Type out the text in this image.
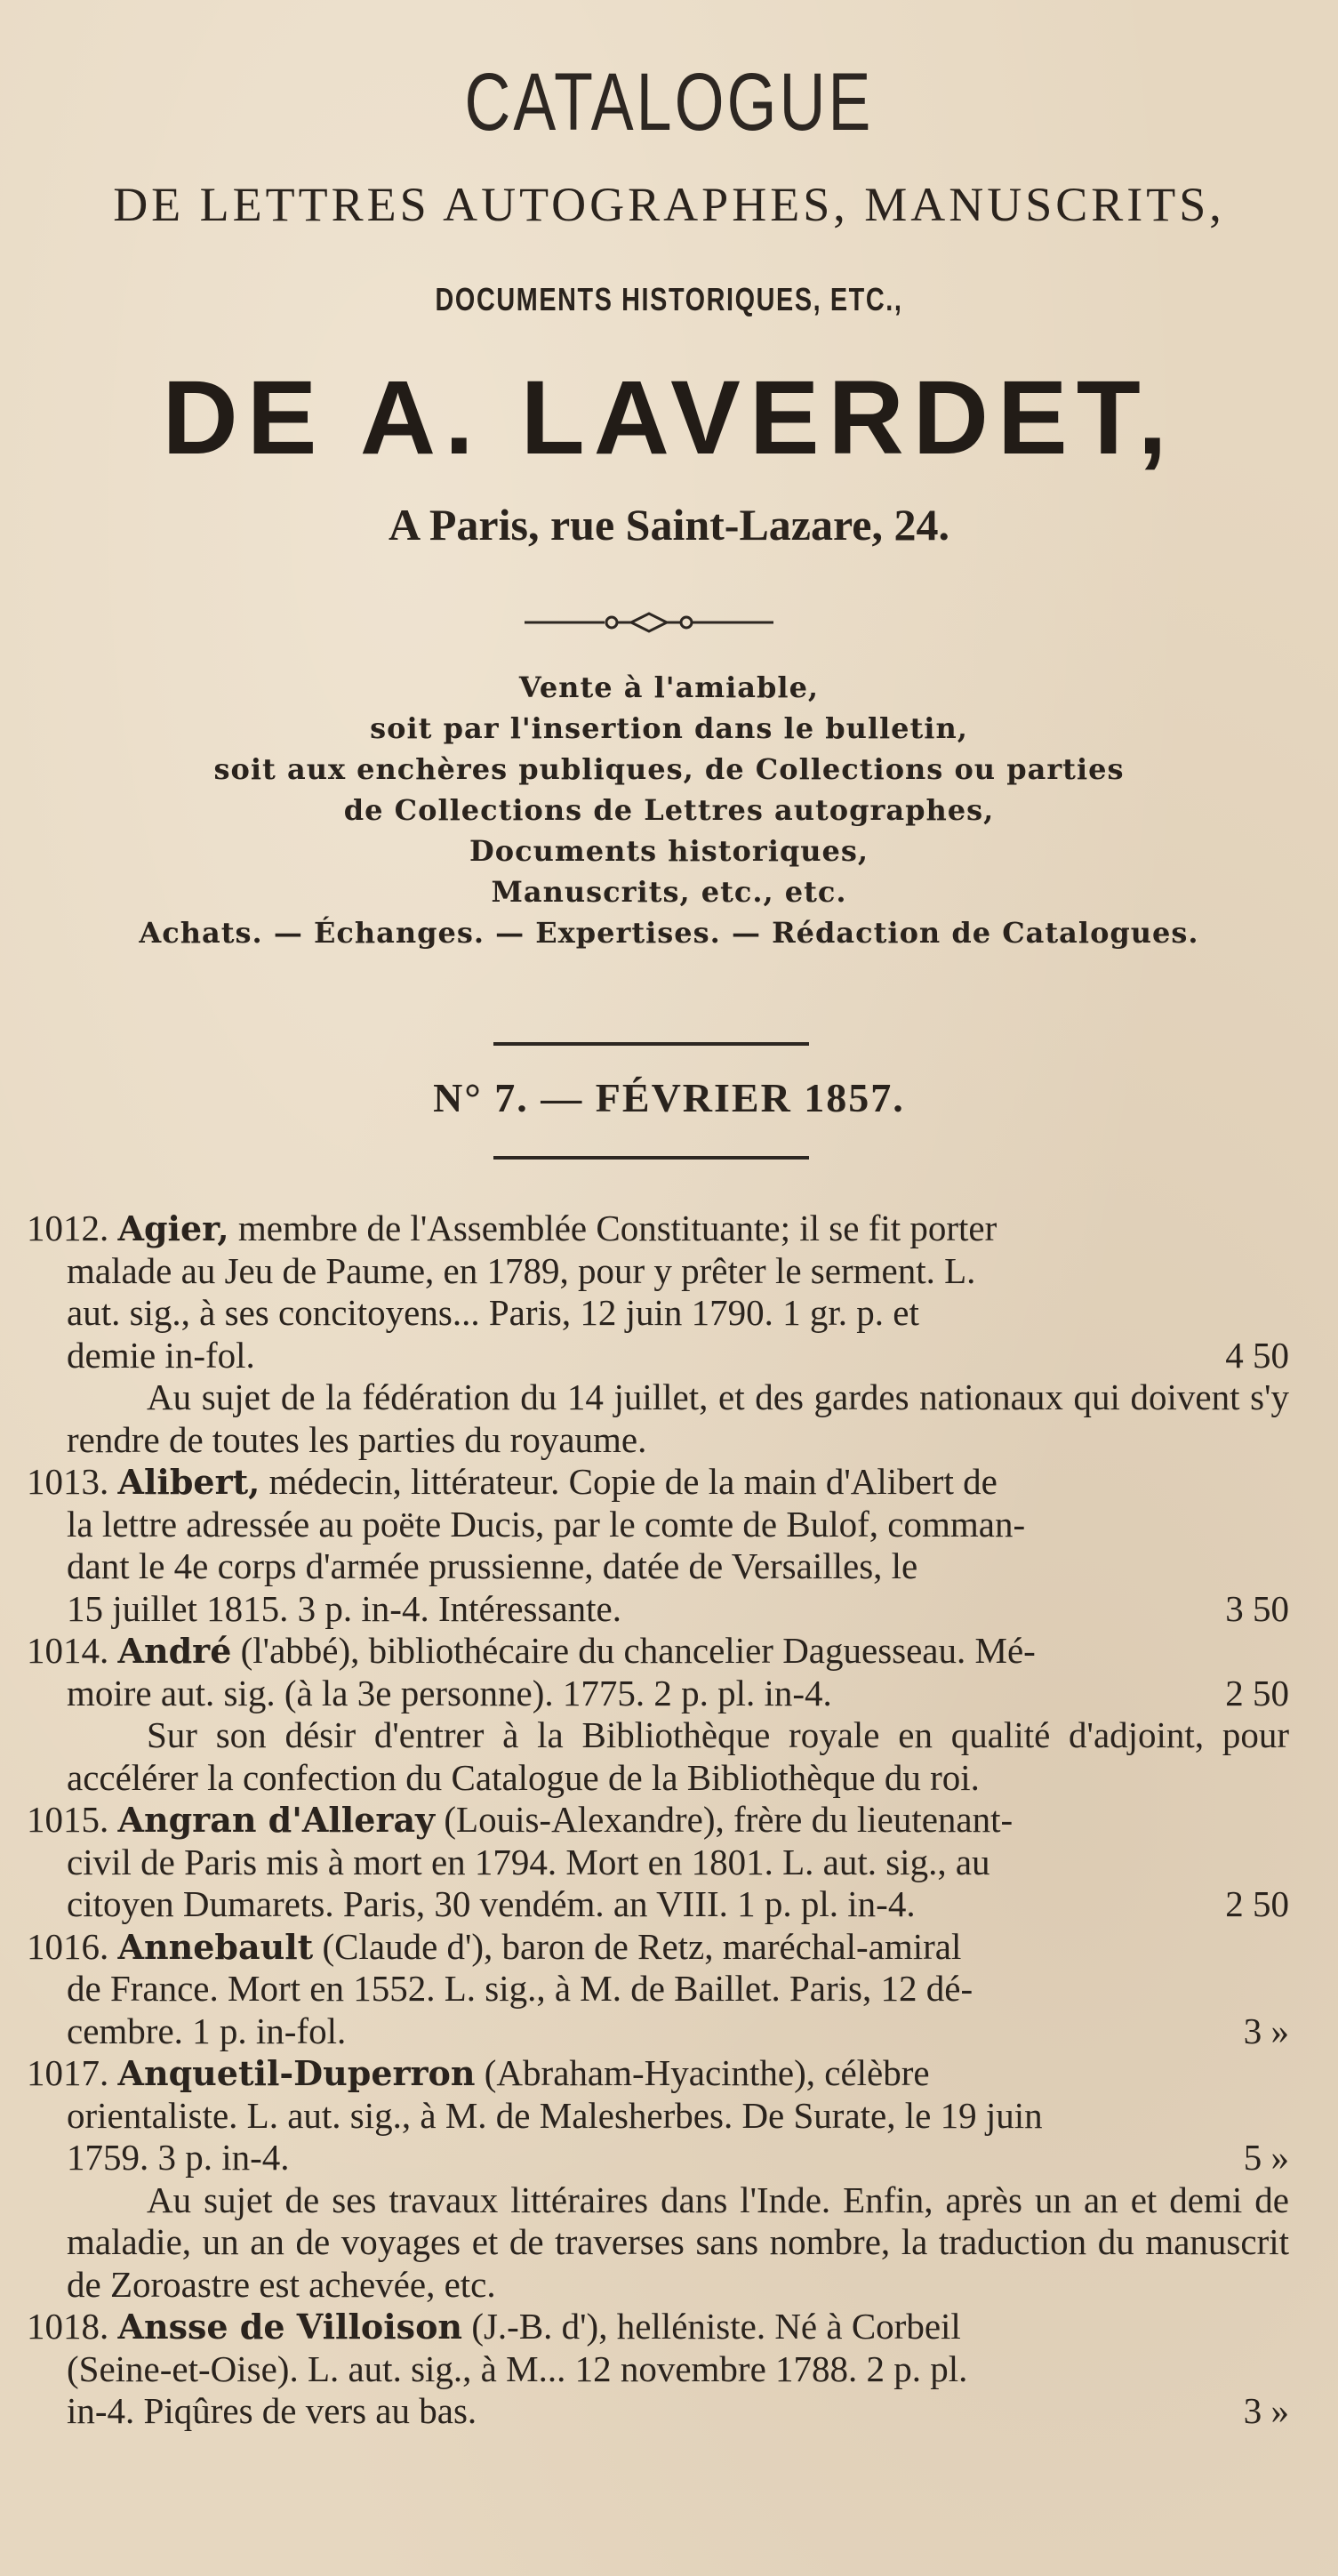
CATALOGUE
DE LETTRES AUTOGRAPHES, MANUSCRITS,
DOCUMENTS HISTORIQUES, ETC.,
DE A. LAVERDET,
A Paris, rue Saint-Lazare, 24.
Vente à l'amiable,
soit par l'insertion dans le bulletin,
soit aux enchères publiques, de Collections ou parties
de Collections de Lettres autographes,
Documents historiques,
Manuscrits, etc., etc.
Achats. — Échanges. — Expertises. — Rédaction de Catalogues.
N° 7. — FÉVRIER 1857.
1012. Agier, membre de l'Assemblée Constituante; il se fit porter
malade au Jeu de Paume, en 1789, pour y prêter le serment. L.
aut. sig., à ses concitoyens... Paris, 12 juin 1790. 1 gr. p. et
demie in-fol.	4 50
Au sujet de la fédération du 14 juillet, et des gardes nationaux qui doivent s'y rendre de toutes les parties du royaume.
1013. Alibert, médecin, littérateur. Copie de la main d'Alibert de
la lettre adressée au poëte Ducis, par le comte de Bulof, comman-
dant le 4e corps d'armée prussienne, datée de Versailles, le
15 juillet 1815. 3 p. in-4. Intéressante.	3 50
1014. André (l'abbé), bibliothécaire du chancelier Daguesseau. Mé-
moire aut. sig. (à la 3e personne). 1775. 2 p. pl. in-4.	2 50
Sur son désir d'entrer à la Bibliothèque royale en qualité d'adjoint, pour accélérer la confection du Catalogue de la Bibliothèque du roi.
1015. Angran d'Alleray (Louis-Alexandre), frère du lieutenant-
civil de Paris mis à mort en 1794. Mort en 1801. L. aut. sig., au
citoyen Dumarets. Paris, 30 vendém. an VIII. 1 p. pl. in-4.	2 50
1016. Annebault (Claude d'), baron de Retz, maréchal-amiral
de France. Mort en 1552. L. sig., à M. de Baillet. Paris, 12 dé-
cembre. 1 p. in-fol.	3 »
1017. Anquetil-Duperron (Abraham-Hyacinthe), célèbre
orientaliste. L. aut. sig., à M. de Malesherbes. De Surate, le 19 juin
1759. 3 p. in-4.	5 »
Au sujet de ses travaux littéraires dans l'Inde. Enfin, après un an et demi de maladie, un an de voyages et de traverses sans nombre, la traduction du manuscrit de Zoroastre est achevée, etc.
1018. Ansse de Villoison (J.-B. d'), helléniste. Né à Corbeil
(Seine-et-Oise). L. aut. sig., à M... 12 novembre 1788. 2 p. pl.
in-4. Piqûres de vers au bas.	3 »
